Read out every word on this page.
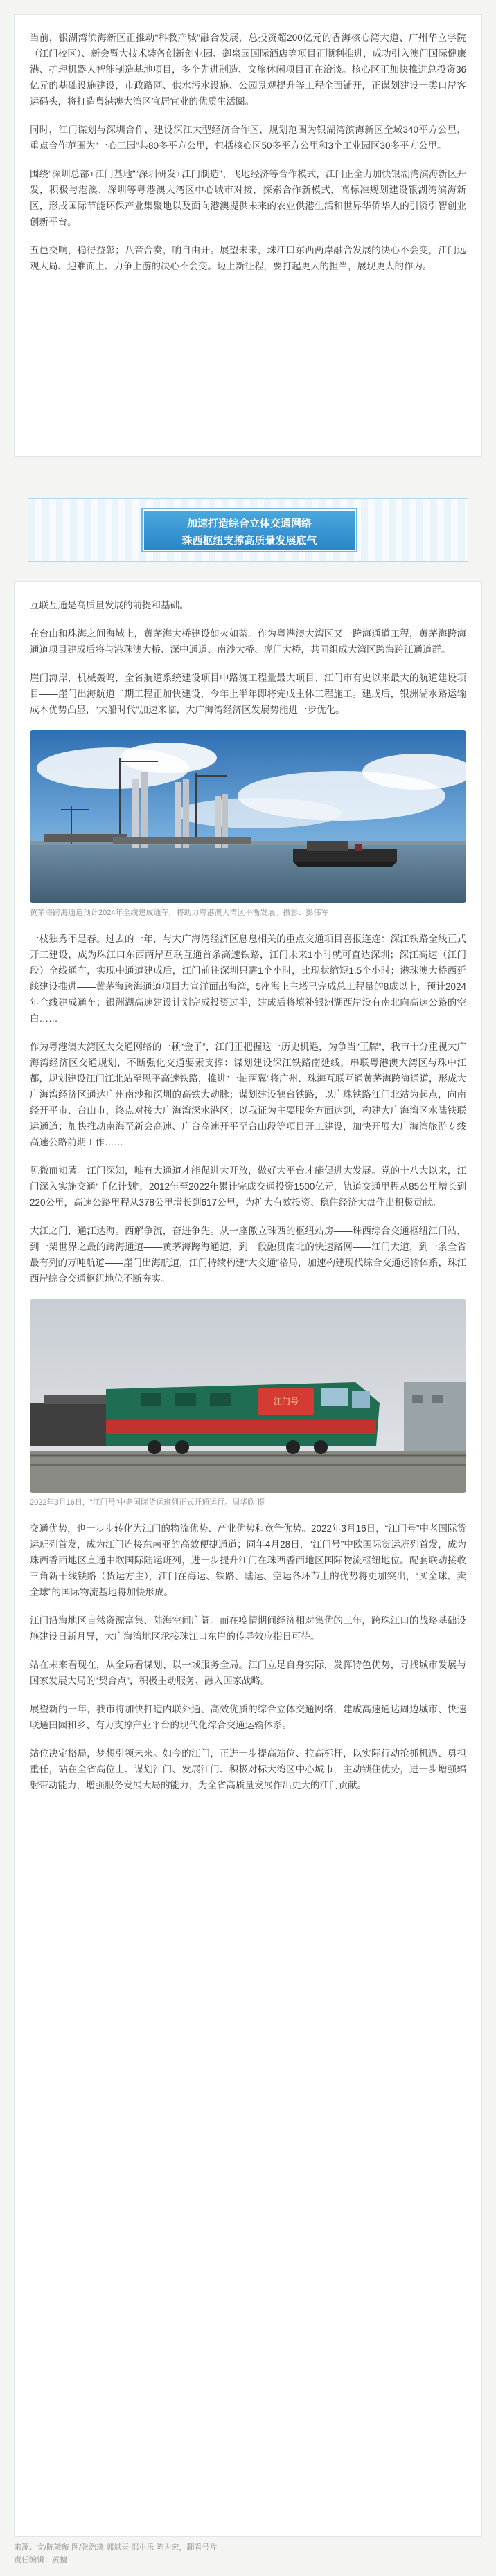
当前，银湖湾滨海新区正推动“科教产城”融合发展，总投资超200亿元的香海核心湾大道、广州华立学院（江门校区）、新会暨大技术装备创新创业园、御泉园国际酒店等项目正顺利推进，成功引入澳门国际健康港、护理机器人智能制造基地项目，多个先进制造、文旅休闲项目正在洽谈。核心区正加快推进总投资36亿元的基础设施建设，市政路网、供水污水设施、公园景观提升等工程全面铺开，正谋划建设一类口岸客运码头，将打造粤港澳大湾区宜居宜业的优质生活圈。

同时，江门谋划与深圳合作，建设深江大型经济合作区，规划范围为银湖湾滨海新区全域340平方公里，重点合作范围为“一心三园”共80多平方公里，包括核心区50多平方公里和3个工业园区30多平方公里。

围绕“深圳总部+江门基地”“深圳研发+江门制造”、飞地经济等合作模式，江门正全力加快银湖湾滨海新区开发，积极与港澳、深圳等粤港澳大湾区中心城市对接，探索合作新模式，高标准规划建设银湖湾滨海新区，形成国际节能环保产业集聚地以及面向港澳提供未来的农业供港生活和世界华侨华人的引资引智创业创新平台。

五邑交响，稳得益彰；八音合奏，响自由开。展望未来，珠江口东西两岸融合发展的决心不会变，江门远观大局、迎难而上、力争上游的决心不会变。迈上新征程，要打起更大的担当，展现更大的作为。

加速打造综合立体交通网络
珠西枢纽支撑高质量发展底气

互联互通是高质量发展的前提和基础。

在台山和珠海之间海域上，黄茅海大桥建设如火如荼。作为粤港澳大湾区又一跨海通道工程，黄茅海跨海通道项目建成后将与港珠澳大桥、深中通道、南沙大桥、虎门大桥，共同组成大湾区跨海跨江通道群。

崖门海岸，机械轰鸣，全省航道系统建设项目中路渡工程量最大项目、江门市有史以来最大的航道建设项目——崖门出海航道二期工程正加快建设，今年上半年即将完成主体工程施工。建成后，银洲湖水路运输成本优势凸显，“大船时代”加速来临，大广海湾经济区发展势能进一步优化。

黄茅海跨海通道预计2024年全线建成通车，将助力粤港澳大湾区平衡发展。摄影：彭伟军

一枝独秀不是春。过去的一年，与大广海湾经济区息息相关的重点交通项目喜报连连：深江铁路全线正式开工建设，成为珠江口东西两岸互联互通首条高速铁路，江门未来1小时就可直达深圳；深江高速（江门段）全线通车，实现中通道建成后，江门前往深圳只需1个小时，比现状缩短1.5个小时；港珠澳大桥西延线建设推进——黄茅海跨海通道项目力宣洋面出海湾，5座海上主塔已完成总工程量的8成以上，预计2024年全线建成通车；银洲湖高速建设计划完成投资过半，建成后将填补银洲湖西岸没有南北向高速公路的空白……

作为粤港澳大湾区大交通网络的一颗“金子”，江门正把握这一历史机遇，为争当“王牌”，我市十分重视大广海湾经济区交通规划，不断强化交通要素支撑：谋划建设深江铁路南延线，串联粤港澳大湾区与珠中江都，规划建设江门江北站至恩平高速铁路，推进“一轴两翼”将广州、珠海互联互通黄茅海跨海通道，形成大广海湾经济区通达广州南沙和深圳的高铁大动脉；谋划建设鹤台铁路，以广珠铁路江门北站为起点，向南经开平市、台山市，终点对接大广海湾深水港区；以我证为主要服务方面达到，构建大广海湾区水陆铁联运通道；加快推动南海至新会高速、广台高速开平至台山段等项目开工建设，加快开展大广海湾旅游专线高速公路前期工作……

见微而知著。江门深知，唯有大通道才能促进大开放，做好大平台才能促进大发展。党的十八大以来，江门深入实施交通“千亿计划”，2012年至2022年累计完成交通投资1500亿元，轨道交通里程从85公里增长到220公里，高速公路里程从378公里增长到617公里，为扩大有效投资、稳住经济大盘作出积极贡献。

大江之门，通江达海。西解争流，奋进争先。从一座傲立珠西的枢纽站房——珠西综合交通枢纽江门站，到一架世界之最的跨海通道——黄茅海跨海通道，到一段融贯南北的快速路网——江门大道，到一条全省最有列的万吨航道——崖门出海航道，江门持续构建“大交通”格局，加速构建现代综合交通运输体系，珠江西岸综合交通枢纽地位不断夯实。

江门号
2022年3月16日，“江门号”中老国际货运班列正式开通运行。周华欣 摄

交通优势，也一步步转化为江门的物流优势、产业优势和竞争优势。2022年3月16日，“江门号”中老国际货运班列首发，成为江门连接东南亚的高效便捷通道；同年4月28日，“江门号”中欧国际货运班列首发，成为珠西香西地区直通中欧国际陆运班列，进一步提升江门在珠西香西地区国际物流枢纽地位。配套联动接收三角新干线铁路（货运方主），江门在海运、铁路、陆运、空运各环节上的优势将更加突出，“买全球、卖全球”的国际物流基地将加快形成。

江门沿海地区自然资源富集、陆海空间广阔。而在疫情期间经济相对集优的三年，跨珠江口的战略基础设施建设日新月异，大广海湾地区承接珠江口东岸的传导效应指日可待。

站在未来看现在，从全局看谋划、以一域服务全局。江门立足自身实际，发挥特色优势，寻找城市发展与国家发展大局的“契合点”，积极主动服务、融入国家战略。

展望新的一年，我市将加快打造内联外通、高效优质的综合立体交通网络，建成高速通达周边城市、快速联通田园和乡、有力支撑产业平台的现代化综合交通运输体系。

站位决定格局，梦想引领未来。如今的江门，正进一步提高站位、拉高标杆，以实际行动抢抓机遇、勇担重任，站在全省高位上、谋划江门、发展江门、积极对标大湾区中心城市，主动锁住优势，进一步增强辐射带动能力，增强服务发展大局的能力，为全省高质量发展作出更大的江门贡献。

来源：文/陈敏璇 图/张浩琦 郭斌天 邵小乐 陈为宏，翻看号片
责任编辑：黄檀
